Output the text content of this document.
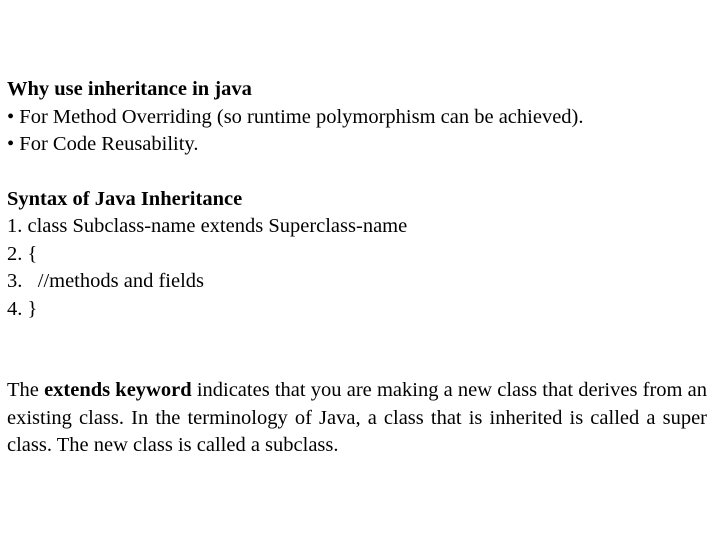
Why use inheritance in java
• For Method Overriding (so runtime polymorphism can be achieved).
• For Code Reusability.
Syntax of Java Inheritance
1. class Subclass-name extends Superclass-name
2. {
3.   //methods and fields
4. }
The extends keyword indicates that you are making a new class that derives from an existing class. In the terminology of Java, a class that is inherited is called a super class. The new class is called a subclass.
